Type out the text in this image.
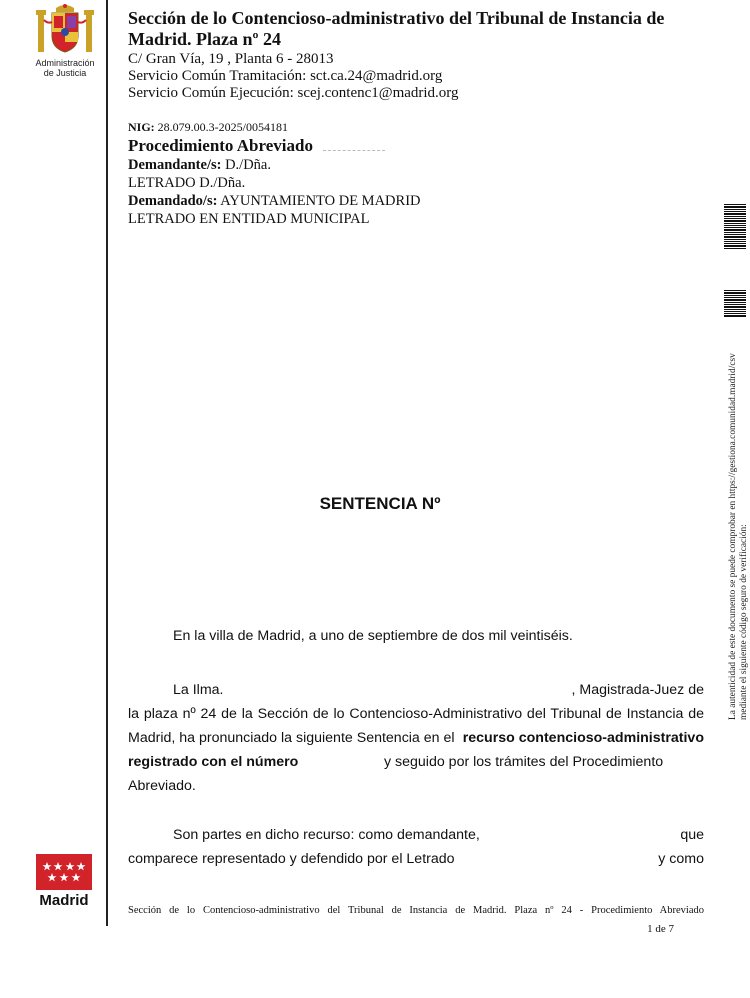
Administración
de Justicia
Sección de lo Contencioso-administrativo del Tribunal de Instancia de
Madrid. Plaza nº 24
C/ Gran Vía, 19 , Planta 6 - 28013
Servicio Común Tramitación: sct.ca.24@madrid.org
Servicio Común Ejecución: scej.contenc1@madrid.org
NIG: 28.079.00.3-2025/0054181
Procedimiento Abreviado
Demandante/s: D./Dña.
LETRADO D./Dña.
Demandado/s: AYUNTAMIENTO DE MADRID
LETRADO EN ENTIDAD MUNICIPAL
La autenticidad de este documento se puede comprobar en https://gestiona.comunidad.madrid/csv mediante el siguiente código seguro de verificación:
SENTENCIA Nº
En la villa de Madrid, a uno de septiembre de dos mil veintiséis.
La Ilma.	, Magistrada-Juez de
la plaza nº 24 de la Sección de lo Contencioso-Administrativo del Tribunal de Instancia de
Madrid, ha pronunciado la siguiente Sentencia en el recurso contencioso-administrativo
registrado con el número	y seguido por los trámites del Procedimiento
Abreviado.
Son partes en dicho recurso: como demandante,	que
comparece representado y defendido por el Letrado	y como
Madrid
Sección de lo Contencioso-administrativo del Tribunal de Instancia de Madrid. Plaza nº 24 - Procedimiento Abreviado
1 de 7
